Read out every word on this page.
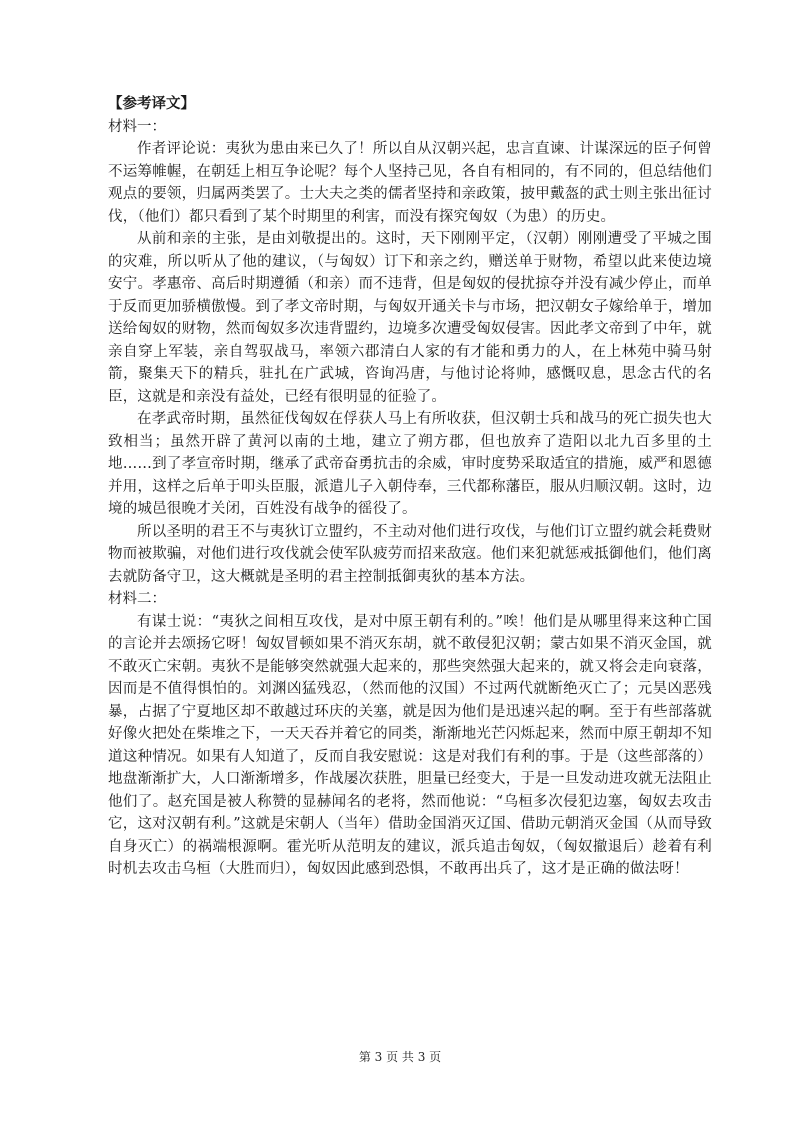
【参考译文】

材料一：

作者评论说：夷狄为患由来已久了！所以自从汉朝兴起，忠言直谏、计谋深远的臣子何曾不运筹帷幄，在朝廷上相互争论呢？每个人坚持己见，各自有相同的，有不同的，但总结他们观点的要领，归属两类罢了。士大夫之类的儒者坚持和亲政策，披甲戴盔的武士则主张出征讨伐，（他们）都只看到了某个时期里的利害，而没有探究匈奴（为患）的历史。

从前和亲的主张，是由刘敬提出的。这时，天下刚刚平定，（汉朝）刚刚遭受了平城之围的灾难，所以听从了他的建议，（与匈奴）订下和亲之约，赠送单于财物，希望以此来使边境安宁。孝惠帝、高后时期遵循（和亲）而不违背，但是匈奴的侵扰掠夺并没有减少停止，而单于反而更加骄横傲慢。到了孝文帝时期，与匈奴开通关卡与市场，把汉朝女子嫁给单于，增加送给匈奴的财物，然而匈奴多次违背盟约，边境多次遭受匈奴侵害。因此孝文帝到了中年，就亲自穿上军装，亲自驾驭战马，率领六郡清白人家的有才能和勇力的人，在上林苑中骑马射箭，聚集天下的精兵，驻扎在广武城，咨询冯唐，与他讨论将帅，感慨叹息，思念古代的名臣，这就是和亲没有益处，已经有很明显的征验了。

在孝武帝时期，虽然征伐匈奴在俘获人马上有所收获，但汉朝士兵和战马的死亡损失也大致相当；虽然开辟了黄河以南的土地，建立了朔方郡，但也放弃了造阳以北九百多里的土地……到了孝宣帝时期，继承了武帝奋勇抗击的余威，审时度势采取适宜的措施，威严和恩德并用，这样之后单于叩头臣服，派遣儿子入朝侍奉，三代都称藩臣，服从归顺汉朝。这时，边境的城邑很晚才关闭，百姓没有战争的徭役了。

所以圣明的君王不与夷狄订立盟约，不主动对他们进行攻伐，与他们订立盟约就会耗费财物而被欺骗，对他们进行攻伐就会使军队疲劳而招来敌寇。他们来犯就惩戒抵御他们，他们离去就防备守卫，这大概就是圣明的君主控制抵御夷狄的基本方法。

材料二：

有谋士说：“夷狄之间相互攻伐，是对中原王朝有利的。”唉！他们是从哪里得来这种亡国的言论并去颂扬它呀！匈奴冒顿如果不消灭东胡，就不敢侵犯汉朝；蒙古如果不消灭金国，就不敢灭亡宋朝。夷狄不是能够突然就强大起来的，那些突然强大起来的，就又将会走向衰落，因而是不值得惧怕的。刘渊凶猛残忍，（然而他的汉国）不过两代就断绝灭亡了；元昊凶恶残暴，占据了宁夏地区却不敢越过环庆的关塞，就是因为他们是迅速兴起的啊。至于有些部落就好像火把处在柴堆之下，一天天吞并着它的同类，渐渐地光芒闪烁起来，然而中原王朝却不知道这种情况。如果有人知道了，反而自我安慰说：这是对我们有利的事。于是（这些部落的）地盘渐渐扩大，人口渐渐增多，作战屡次获胜，胆量已经变大，于是一旦发动进攻就无法阻止他们了。赵充国是被人称赞的显赫闻名的老将，然而他说：“乌桓多次侵犯边塞，匈奴去攻击它，这对汉朝有利。”这就是宋朝人（当年）借助金国消灭辽国、借助元朝消灭金国（从而导致自身灭亡）的祸端根源啊。霍光听从范明友的建议，派兵追击匈奴，（匈奴撤退后）趁着有利时机去攻击乌桓（大胜而归），匈奴因此感到恐惧，不敢再出兵了，这才是正确的做法呀！

第 3 页 共 3 页
